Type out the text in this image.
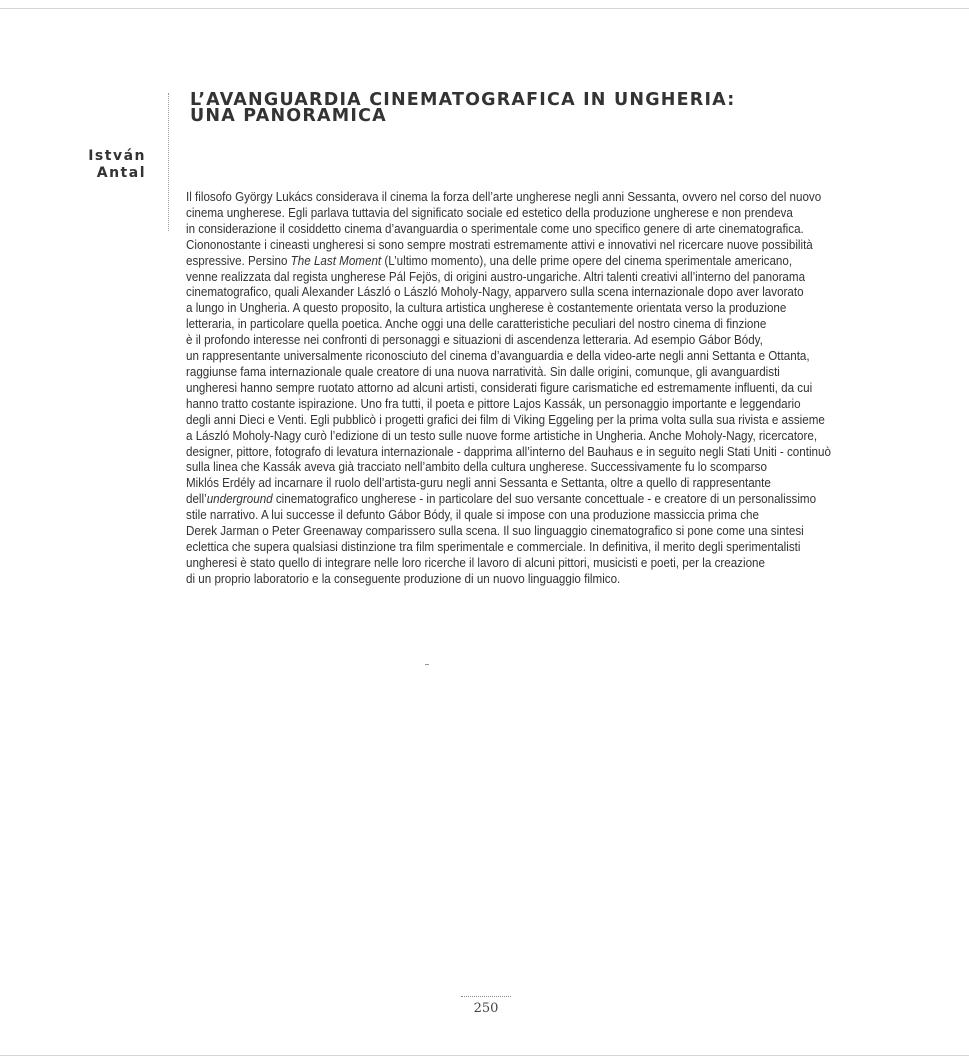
István
Antal
L’AVANGUARDIA CINEMATOGRAFICA IN UNGHERIA:
UNA PANORAMICA
Il filosofo György Lukács considerava il cinema la forza dell’arte ungherese negli anni Sessanta, ovvero nel corso del nuovo
cinema ungherese. Egli parlava tuttavia del significato sociale ed estetico della produzione ungherese e non prendeva
in considerazione il cosiddetto cinema d’avanguardia o sperimentale come uno specifico genere di arte cinematografica.
Ciononostante i cineasti ungheresi si sono sempre mostrati estremamente attivi e innovativi nel ricercare nuove possibilità
espressive. Persino The Last Moment (L’ultimo momento), una delle prime opere del cinema sperimentale americano,
venne realizzata dal regista ungherese Pál Fejös, di origini austro-ungariche. Altri talenti creativi all’interno del panorama
cinematografico, quali Alexander László o László Moholy-Nagy, apparvero sulla scena internazionale dopo aver lavorato
a lungo in Ungheria. A questo proposito, la cultura artistica ungherese è costantemente orientata verso la produzione
letteraria, in particolare quella poetica. Anche oggi una delle caratteristiche peculiari del nostro cinema di finzione
è il profondo interesse nei confronti di personaggi e situazioni di ascendenza letteraria. Ad esempio Gábor Bódy,
un rappresentante universalmente riconosciuto del cinema d’avanguardia e della video-arte negli anni Settanta e Ottanta,
raggiunse fama internazionale quale creatore di una nuova narratività. Sin dalle origini, comunque, gli avanguardisti
ungheresi hanno sempre ruotato attorno ad alcuni artisti, considerati figure carismatiche ed estremamente influenti, da cui
hanno tratto costante ispirazione. Uno fra tutti, il poeta e pittore Lajos Kassák, un personaggio importante e leggendario
degli anni Dieci e Venti. Egli pubblicò i progetti grafici dei film di Viking Eggeling per la prima volta sulla sua rivista e assieme
a László Moholy-Nagy curò l’edizione di un testo sulle nuove forme artistiche in Ungheria. Anche Moholy-Nagy, ricercatore,
designer, pittore, fotografo di levatura internazionale - dapprima all’interno del Bauhaus e in seguito negli Stati Uniti - continuò
sulla linea che Kassák aveva già tracciato nell’ambito della cultura ungherese. Successivamente fu lo scomparso
Miklós Erdély ad incarnare il ruolo dell’artista-guru negli anni Sessanta e Settanta, oltre a quello di rappresentante
dell’underground cinematografico ungherese - in particolare del suo versante concettuale - e creatore di un personalissimo
stile narrativo. A lui successe il defunto Gábor Bódy, il quale si impose con una produzione massiccia prima che
Derek Jarman o Peter Greenaway comparissero sulla scena. Il suo linguaggio cinematografico si pone come una sintesi
eclettica che supera qualsiasi distinzione tra film sperimentale e commerciale. In definitiva, il merito degli sperimentalisti
ungheresi è stato quello di integrare nelle loro ricerche il lavoro di alcuni pittori, musicisti e poeti, per la creazione
di un proprio laboratorio e la conseguente produzione di un nuovo linguaggio filmico.
250
